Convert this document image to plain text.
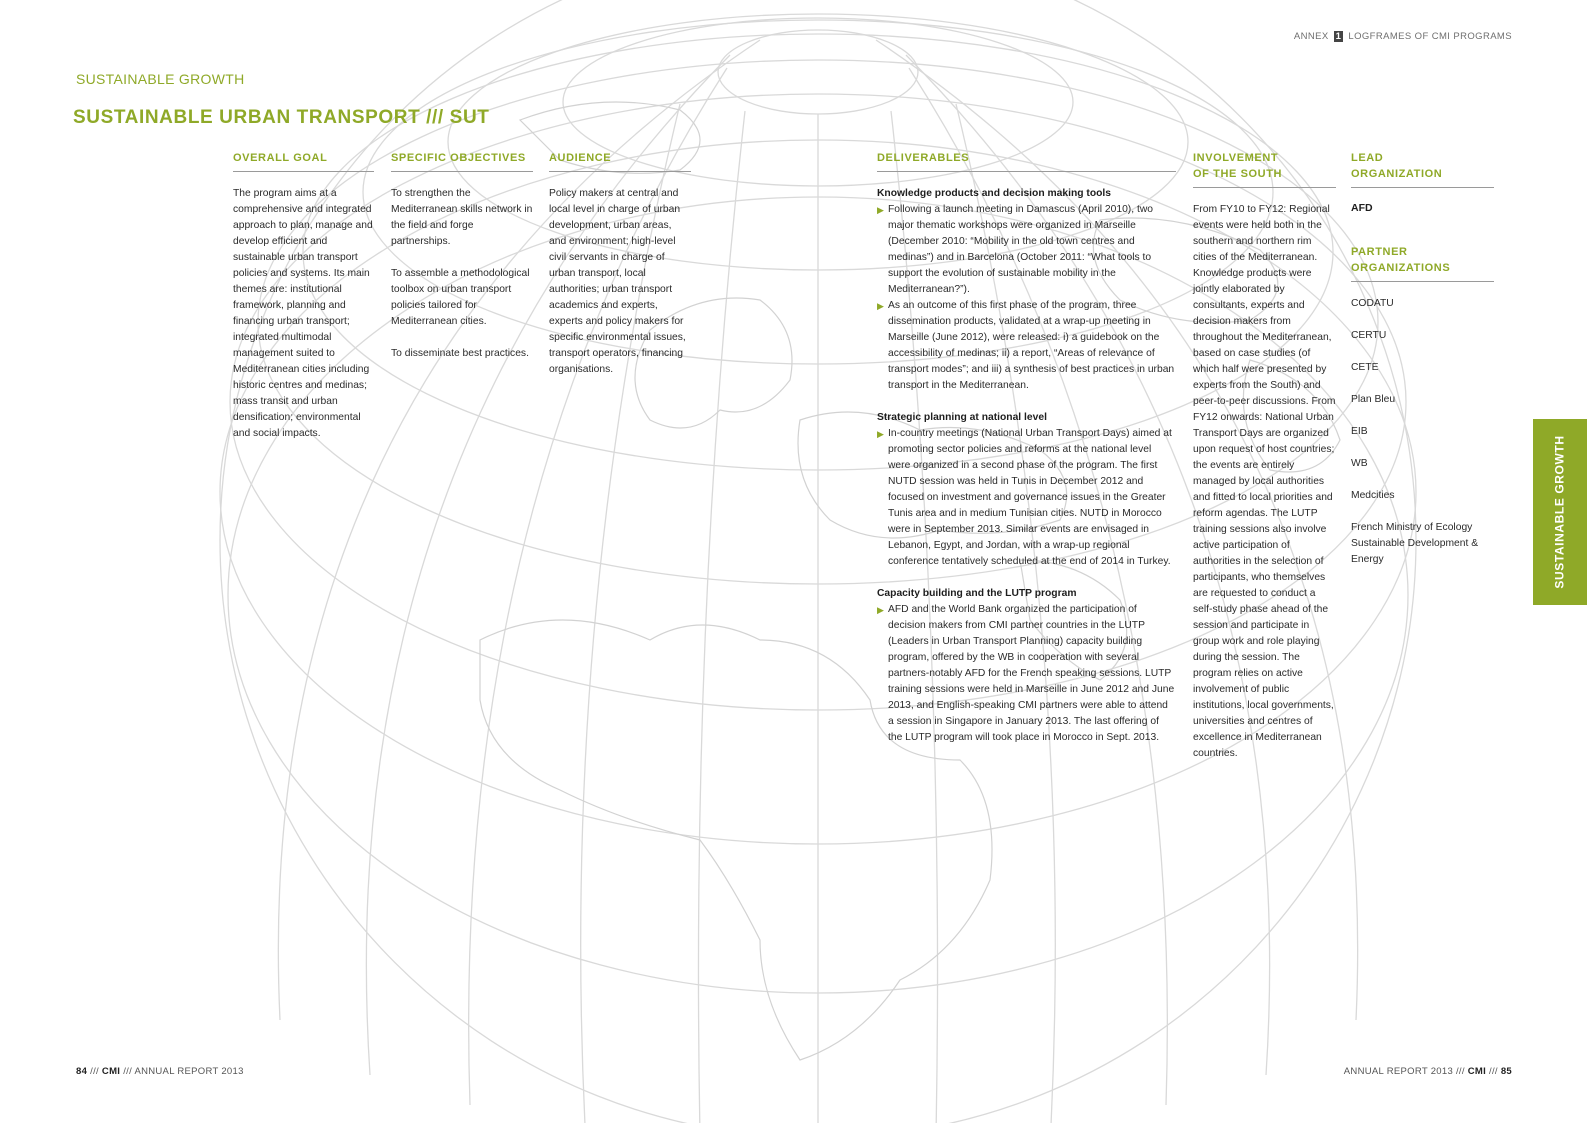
ANNEX 1 LOGFRAMES OF CMI PROGRAMS
SUSTAINABLE GROWTH
SUSTAINABLE URBAN TRANSPORT /// SUT
OVERALL GOAL

The program aims at a comprehensive and integrated approach to plan, manage and develop efficient and sustainable urban transport policies and systems. Its main themes are: institutional framework, planning and financing urban transport; integrated multimodal management suited to Mediterranean cities including historic centres and medinas; mass transit and urban densification; environmental and social impacts.

SPECIFIC OBJECTIVES

To strengthen the Mediterranean skills network in the field and forge partnerships.

To assemble a methodological toolbox on urban transport policies tailored for Mediterranean cities.

To disseminate best practices.

AUDIENCE

Policy makers at central and local level in charge of urban development, urban areas, and environment; high-level civil servants in charge of urban transport, local authorities; urban transport academics and experts, experts and policy makers for specific environmental issues, transport operators, financing organisations.

DELIVERABLES
Knowledge products and decision making tools
▶ Following a launch meeting in Damascus (April 2010), two major thematic workshops were organized in Marseille (December 2010: “Mobility in the old town centres and medinas”) and in Barcelona (October 2011: “What tools to support the evolution of sustainable mobility in the Mediterranean?”).
▶ As an outcome of this first phase of the program, three dissemination products, validated at a wrap-up meeting in Marseille (June 2012), were released: i) a guidebook on the accessibility of medinas; ii) a report, “Areas of relevance of transport modes”; and iii) a synthesis of best practices in urban transport in the Mediterranean.
Strategic planning at national level
▶ In-country meetings (National Urban Transport Days) aimed at promoting sector policies and reforms at the national level were organized in a second phase of the program. The first NUTD session was held in Tunis in December 2012 and focused on investment and governance issues in the Greater Tunis area and in medium Tunisian cities. NUTD in Morocco were in September 2013. Similar events are envisaged in Lebanon, Egypt, and Jordan, with a wrap-up regional conference tentatively scheduled at the end of 2014 in Turkey.
Capacity building and the LUTP program
▶ AFD and the World Bank organized the participation of decision makers from CMI partner countries in the LUTP (Leaders in Urban Transport Planning) capacity building program, offered by the WB in cooperation with several partners-notably AFD for the French speaking sessions. LUTP training sessions were held in Marseille in June 2012 and June 2013, and English-speaking CMI partners were able to attend a session in Singapore in January 2013. The last offering of the LUTP program will took place in Morocco in Sept. 2013.
INVOLVEMENT
OF THE SOUTH

From FY10 to FY12: Regional events were held both in the southern and northern rim cities of the Mediterranean. Knowledge products were jointly elaborated by consultants, experts and decision makers from throughout the Mediterranean, based on case studies (of which half were presented by experts from the South) and peer-to-peer discussions. From FY12 onwards: National Urban Transport Days are organized upon request of host countries; the events are entirely managed by local authorities and fitted to local priorities and reform agendas. The LUTP training sessions also involve active participation of authorities in the selection of participants, who themselves are requested to conduct a self-study phase ahead of the session and participate in group work and role playing during the session. The program relies on active involvement of public institutions, local governments, universities and centres of excellence in Mediterranean countries.

LEAD
ORGANIZATION
AFD
PARTNER
ORGANIZATIONS
CODATU
CERTU
CETE
Plan Bleu
EIB
WB
Medcities
French Ministry of Ecology Sustainable Development & Energy	SUSTAINABLE GROWTH
84 /// CMI /// ANNUAL REPORT 2013	ANNUAL REPORT 2013 /// CMI /// 85
